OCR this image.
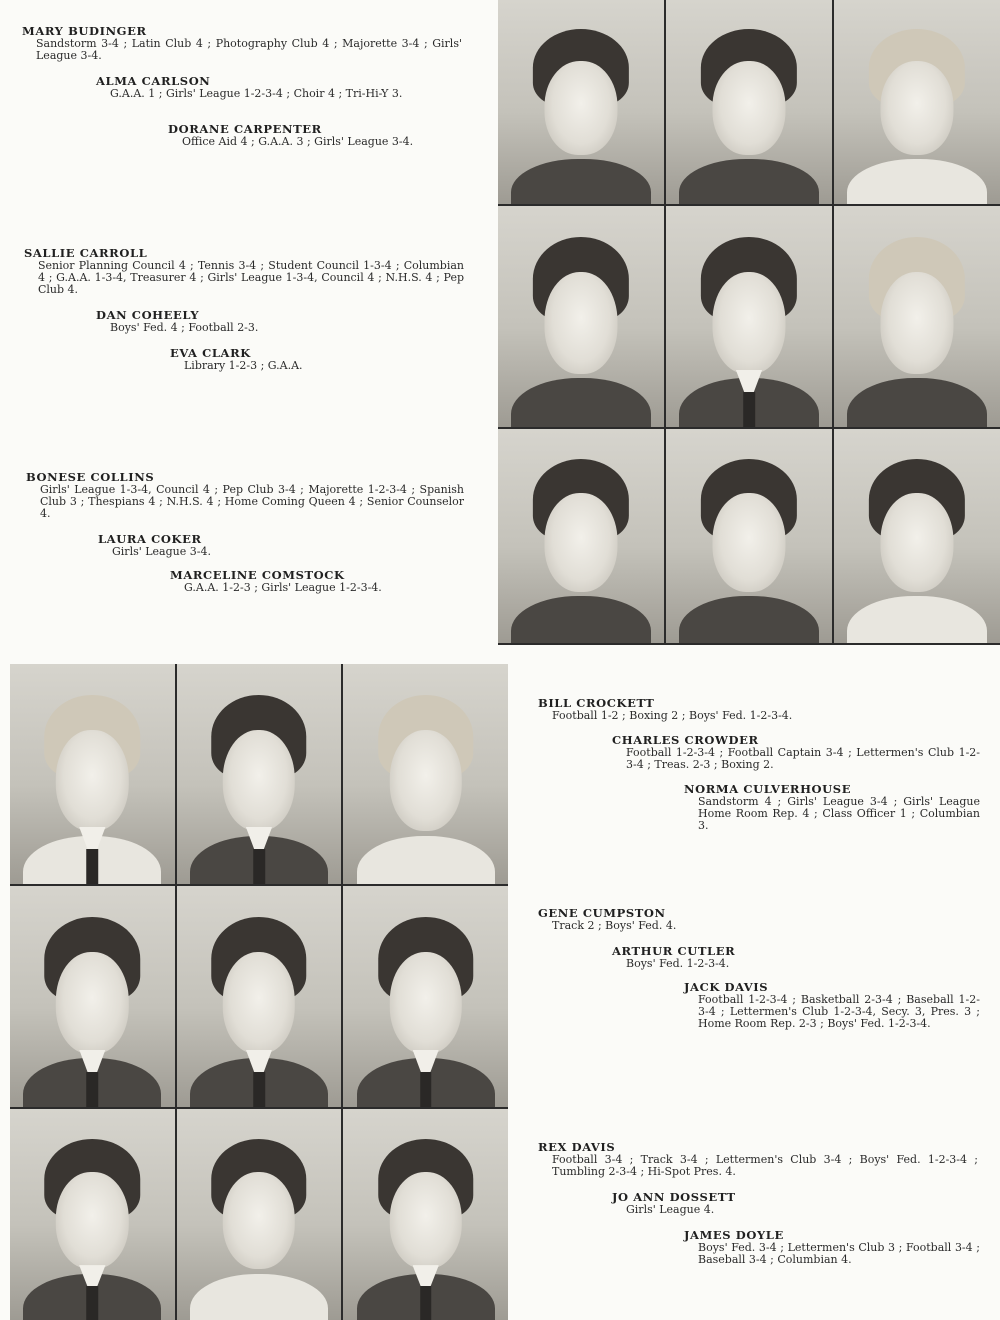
MARY BUDINGER
Sandstorm 3-4 ; Latin Club 4 ; Photography Club 4 ; Majorette 3-4 ; Girls' League 3-4.
ALMA CARLSON
G.A.A. 1 ; Girls' League 1-2-3-4 ; Choir 4 ; Tri-Hi-Y 3.
DORANE CARPENTER
Office Aid 4 ; G.A.A. 3 ; Girls' League 3-4.
SALLIE CARROLL
Senior Planning Council 4 ; Tennis 3-4 ; Student Council 1-3-4 ; Columbian 4 ; G.A.A. 1-3-4, Treasurer 4 ; Girls' League 1-3-4, Council 4 ; N.H.S. 4 ; Pep Club 4.
DAN COHEELY
Boys' Fed. 4 ; Football 2-3.
EVA CLARK
Library 1-2-3 ; G.A.A.
BONESE COLLINS
Girls' League 1-3-4, Council 4 ; Pep Club 3-4 ; Majorette 1-2-3-4 ; Spanish Club 3 ; Thespians 4 ; N.H.S. 4 ; Home Coming Queen 4 ; Senior Counselor 4.
LAURA COKER
Girls' League 3-4.
MARCELINE COMSTOCK
G.A.A. 1-2-3 ; Girls' League 1-2-3-4.
BILL CROCKETT
Football 1-2 ; Boxing 2 ; Boys' Fed. 1-2-3-4.
CHARLES CROWDER
Football 1-2-3-4 ; Football Captain 3-4 ; Lettermen's Club 1-2-3-4 ; Treas. 2-3 ; Boxing 2.
NORMA CULVERHOUSE
Sandstorm 4 ; Girls' League 3-4 ; Girls' League Home Room Rep. 4 ; Class Officer 1 ; Columbian 3.
GENE CUMPSTON
Track 2 ; Boys' Fed. 4.
ARTHUR CUTLER
Boys' Fed. 1-2-3-4.
JACK DAVIS
Football 1-2-3-4 ; Basketball 2-3-4 ; Baseball 1-2-3-4 ; Lettermen's Club 1-2-3-4, Secy. 3, Pres. 3 ; Home Room Rep. 2-3 ; Boys' Fed. 1-2-3-4.
REX DAVIS
Football 3-4 ; Track 3-4 ; Lettermen's Club 3-4 ; Boys' Fed. 1-2-3-4 ; Tumbling 2-3-4 ; Hi-Spot Pres. 4.
JO ANN DOSSETT
Girls' League 4.
JAMES DOYLE
Boys' Fed. 3-4 ; Lettermen's Club 3 ; Football 3-4 ; Baseball 3-4 ; Columbian 4.
